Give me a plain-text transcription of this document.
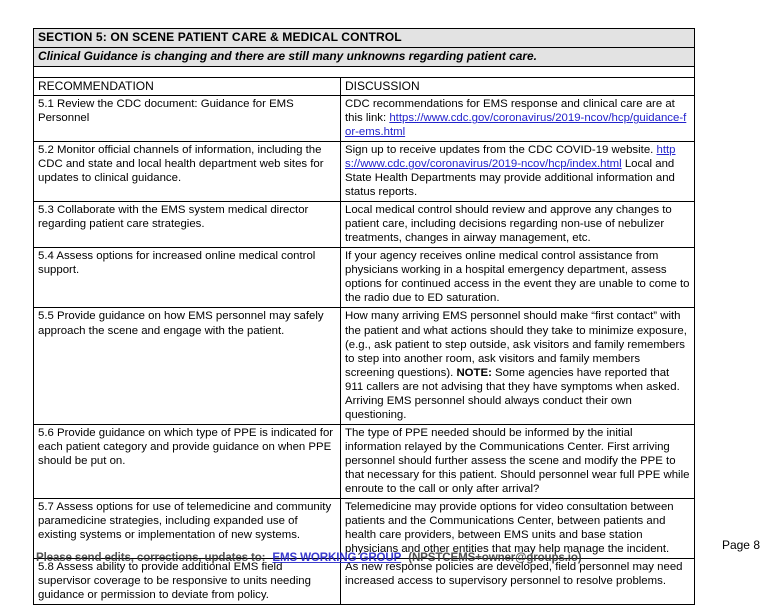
SECTION 5: ON SCENE PATIENT CARE & MEDICAL CONTROL	
Clinical Guidance is changing and there are still many unknowns regarding patient care.	

RECOMMENDATION	DISCUSSION
5.1 Review the CDC document: Guidance for EMS Personnel	CDC recommendations for EMS response and clinical care are at this link: https://www.cdc.gov/coronavirus/2019-ncov/hcp/guidance-for-ems.html
5.2 Monitor official channels of information, including the CDC and state and local health department web sites for updates to clinical guidance.	Sign up to receive updates from the CDC COVID-19 website. https://www.cdc.gov/coronavirus/2019-ncov/hcp/index.html Local and State Health Departments may provide additional information and status reports.
5.3 Collaborate with the EMS system medical director regarding patient care strategies.	Local medical control should review and approve any changes to patient care, including decisions regarding non-use of nebulizer treatments, changes in airway management, etc.
5.4 Assess options for increased online medical control support.	If your agency receives online medical control assistance from physicians working in a hospital emergency department, assess options for continued access in the event they are unable to come to the radio due to ED saturation.
5.5 Provide guidance on how EMS personnel may safely approach the scene and engage with the patient.	How many arriving EMS personnel should make “first contact” with the patient and what actions should they take to minimize exposure, (e.g., ask patient to step outside, ask visitors and family remembers to step into another room, ask visitors and family members screening questions). NOTE: Some agencies have reported that 911 callers are not advising that they have symptoms when asked. Arriving EMS personnel should always conduct their own questioning.
5.6 Provide guidance on which type of PPE is indicated for each patient category and provide guidance on when PPE should be put on.	The type of PPE needed should be informed by the initial information relayed by the Communications Center. First arriving personnel should further assess the scene and modify the PPE to that necessary for this patient. Should personnel wear full PPE while enroute to the call or only after arrival?
5.7 Assess options for use of telemedicine and community paramedicine strategies, including expanded use of existing systems or implementation of new systems.	Telemedicine may provide options for video consultation between patients and the Communications Center, between patients and health care providers, between EMS units and base station physicians and other entities that may help manage the incident.
5.8 Assess ability to provide additional EMS field supervisor coverage to be responsive to units needing guidance or permission to deviate from policy.	As new response policies are developed, field personnel may need increased access to supervisory personnel to resolve problems.
Please send edits, corrections, updates to: EMS WORKING GROUP (NPSTCEMS+owner@groups.io)
Page 8
